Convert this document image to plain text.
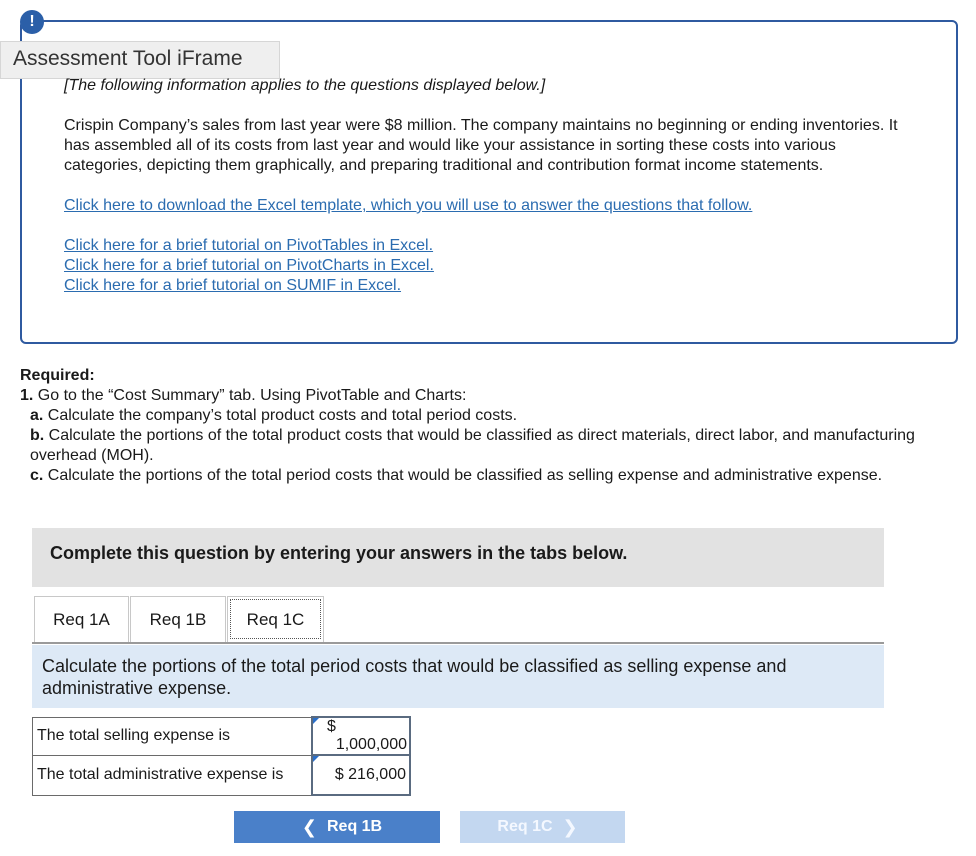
!
Assessment Tool iFrame

[The following information applies to the questions displayed below.]

Crispin Company’s sales from last year were $8 million. The company maintains no beginning or ending inventories. It has assembled all of its costs from last year and would like your assistance in sorting these costs into various categories, depicting them graphically, and preparing traditional and contribution format income statements.

Click here to download the Excel template, which you will use to answer the questions that follow.
Click here for a brief tutorial on PivotTables in Excel.
Click here for a brief tutorial on PivotCharts in Excel.
Click here for a brief tutorial on SUMIF in Excel.
Required:
1. Go to the “Cost Summary” tab. Using PivotTable and Charts:
a. Calculate the company’s total product costs and total period costs.
b. Calculate the portions of the total product costs that would be classified as direct materials, direct labor, and manufacturing overhead (MOH).
c. Calculate the portions of the total period costs that would be classified as selling expense and administrative expense.
Complete this question by entering your answers in the tabs below.
Req 1A	Req 1B	Req 1C
Calculate the portions of the total period costs that would be classified as selling expense and administrative expense.
The total selling expense is	$
1,000,000

The total administrative expense is	$ 216,000
❮ Req 1B	Req 1C ❯
